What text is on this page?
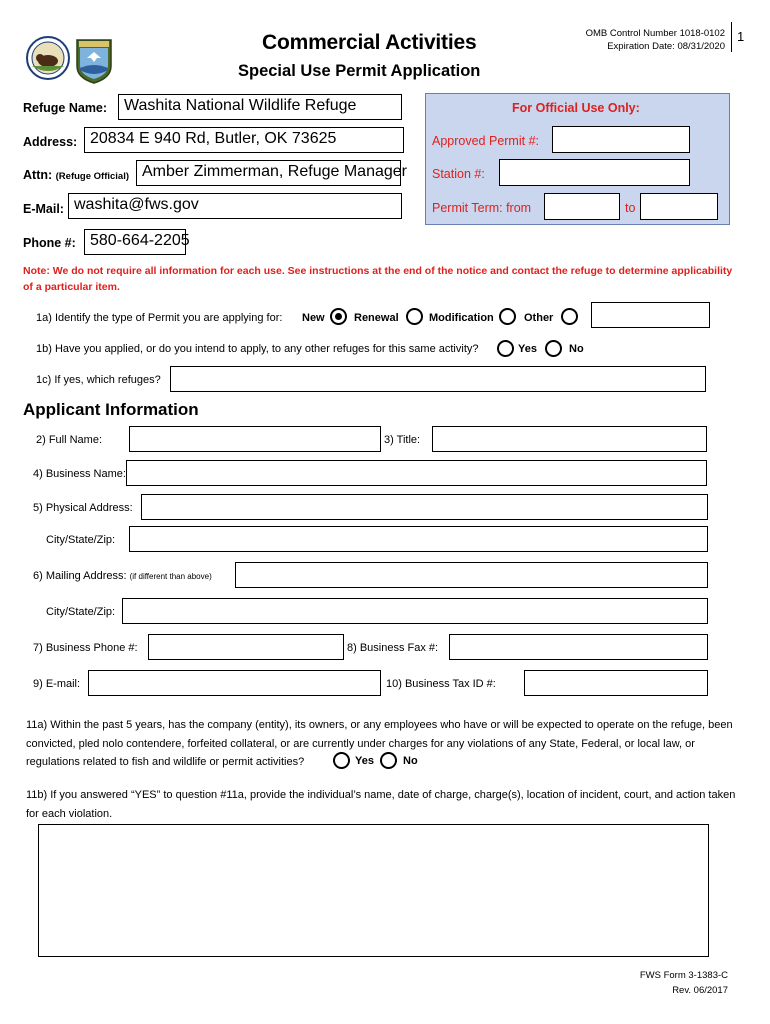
Commercial Activities
Special Use Permit Application
OMB Control Number 1018-0102
Expiration Date: 08/31/2020
1
Refuge Name:	Washita National Wildlife Refuge
Address: 20834 E 940 Rd, Butler, OK 73625
Attn: (Refuge Official) Amber Zimmerman, Refuge Manager
E-Mail: washita@fws.gov
Phone #: 580-664-2205
For Official Use Only:
Approved Permit #:
Station #:
Permit Term: from	to
Note: We do not require all information for each use. See instructions at the end of the notice and contact the refuge to determine applicability of a particular item.
1a) Identify the type of Permit you are applying for: New	Renewal	Modification	Other
1b) Have you applied, or do you intend to apply, to any other refuges for this same activity?	Yes	No
1c) If yes, which refuges?
Applicant Information
2) Full Name:	3) Title:
4) Business Name:
5) Physical Address:
City/State/Zip:
6) Mailing Address: (if different than above)
City/State/Zip:
7) Business Phone #:	8) Business Fax #:
9) E-mail:	10) Business Tax ID #:
11a) Within the past 5 years, has the company (entity), its owners, or any employees who have or will be expected to operate on the refuge, been convicted, pled nolo contendere, forfeited collateral, or are currently under charges for any violations of any State, Federal, or local law, or regulations related to fish and wildlife or permit activities?	Yes	No
11b) If you answered “YES” to question #11a, provide the individual’s name, date of charge, charge(s), location of incident, court, and action taken for each violation.
FWS Form 3-1383-C
Rev. 06/2017
